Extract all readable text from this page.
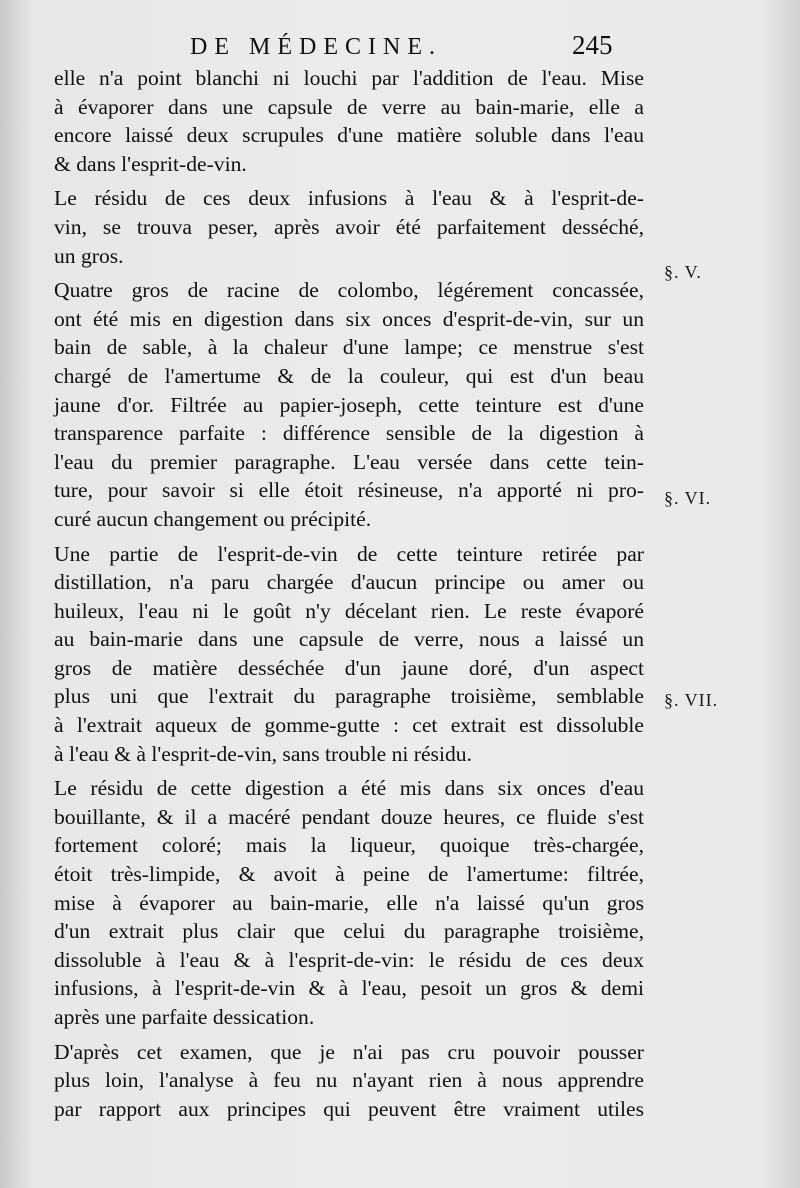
DE MÉDECINE.	245
elle n'a point blanchi ni louchi par l'addition de l'eau. Mise
à évaporer dans une capsule de verre au bain-marie, elle a
encore laissé deux scrupules d'une matière soluble dans l'eau
& dans l'esprit-de-vin.
Le résidu de ces deux infusions à l'eau & à l'esprit-de-
vin, se trouva peser, après avoir été parfaitement desséché,
un gros.
Quatre gros de racine de colombo, légérement concassée,
ont été mis en digestion dans six onces d'esprit-de-vin, sur un
bain de sable, à la chaleur d'une lampe; ce menstrue s'est
chargé de l'amertume & de la couleur, qui est d'un beau
jaune d'or. Filtrée au papier-joseph, cette teinture est d'une
transparence parfaite : différence sensible de la digestion à
l'eau du premier paragraphe. L'eau versée dans cette tein-
ture, pour savoir si elle étoit résineuse, n'a apporté ni pro-
curé aucun changement ou précipité.
Une partie de l'esprit-de-vin de cette teinture retirée par
distillation, n'a paru chargée d'aucun principe ou amer ou
huileux, l'eau ni le goût n'y décelant rien. Le reste évaporé
au bain-marie dans une capsule de verre, nous a laissé un
gros de matière desséchée d'un jaune doré, d'un aspect
plus uni que l'extrait du paragraphe troisième, semblable
à l'extrait aqueux de gomme-gutte : cet extrait est dissoluble
à l'eau & à l'esprit-de-vin, sans trouble ni résidu.
Le résidu de cette digestion a été mis dans six onces d'eau
bouillante, & il a macéré pendant douze heures, ce fluide s'est
fortement coloré; mais la liqueur, quoique très-chargée,
étoit très-limpide, & avoit à peine de l'amertume: filtrée,
mise à évaporer au bain-marie, elle n'a laissé qu'un gros
d'un extrait plus clair que celui du paragraphe troisième,
dissoluble à l'eau & à l'esprit-de-vin: le résidu de ces deux
infusions, à l'esprit-de-vin & à l'eau, pesoit un gros & demi
après une parfaite dessication.
D'après cet examen, que je n'ai pas cru pouvoir pousser
plus loin, l'analyse à feu nu n'ayant rien à nous apprendre
par rapport aux principes qui peuvent être vraiment utiles
§. V.
§. VI.
§. VII.
